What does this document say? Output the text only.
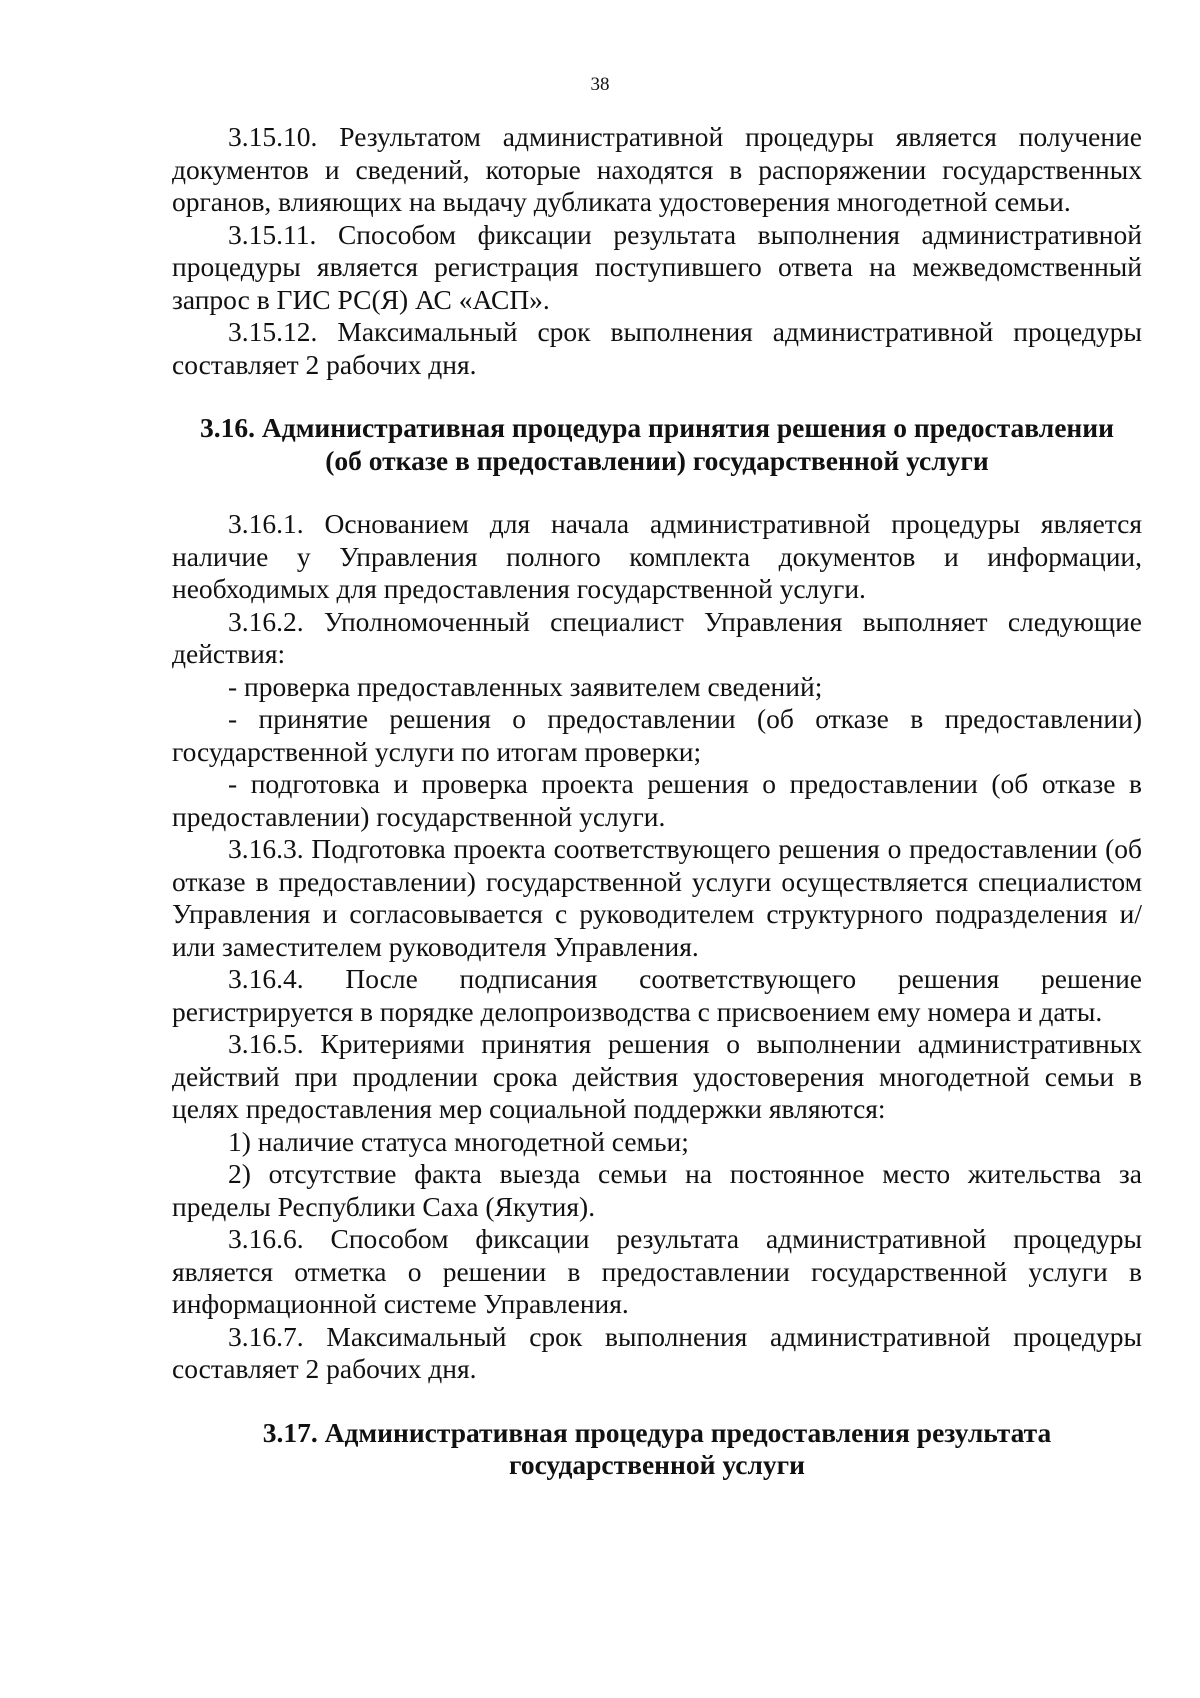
38

3.15.10. Результатом административной процедуры является получение документов и сведений, которые находятся в распоряжении государственных органов, влияющих на выдачу дубликата удостоверения многодетной семьи.

3.15.11. Способом фиксации результата выполнения административной процедуры является регистрация поступившего ответа на межведомственный запрос в ГИС РС(Я) АС «АСП».

3.15.12. Максимальный срок выполнения административной процедуры составляет 2 рабочих дня.

3.16. Административная процедура принятия решения о предоставлении
(об отказе в предоставлении) государственной услуги

3.16.1. Основанием для начала административной процедуры является наличие у Управления полного комплекта документов и информации, необходимых для предоставления государственной услуги.

3.16.2. Уполномоченный специалист Управления выполняет следующие действия:

- проверка предоставленных заявителем сведений;

- принятие решения о предоставлении (об отказе в предоставлении) государственной услуги по итогам проверки;

- подготовка и проверка проекта решения о предоставлении (об отказе в предоставлении) государственной услуги.

3.16.3. Подготовка проекта соответствующего решения о предоставлении (об отказе в предоставлении) государственной услуги осуществляется специалистом Управления и согласовывается с руководителем структурного подразделения и/или заместителем руководителя Управления.

3.16.4. После подписания соответствующего решения решение регистрируется в порядке делопроизводства с присвоением ему номера и даты.

3.16.5. Критериями принятия решения о выполнении административных действий при продлении срока действия удостоверения многодетной семьи в целях предоставления мер социальной поддержки являются:

1) наличие статуса многодетной семьи;

2) отсутствие факта выезда семьи на постоянное место жительства за пределы Республики Саха (Якутия).

3.16.6. Способом фиксации результата административной процедуры является отметка о решении в предоставлении государственной услуги в информационной системе Управления.

3.16.7. Максимальный срок выполнения административной процедуры составляет 2 рабочих дня.

3.17. Административная процедура предоставления результата
государственной услуги
